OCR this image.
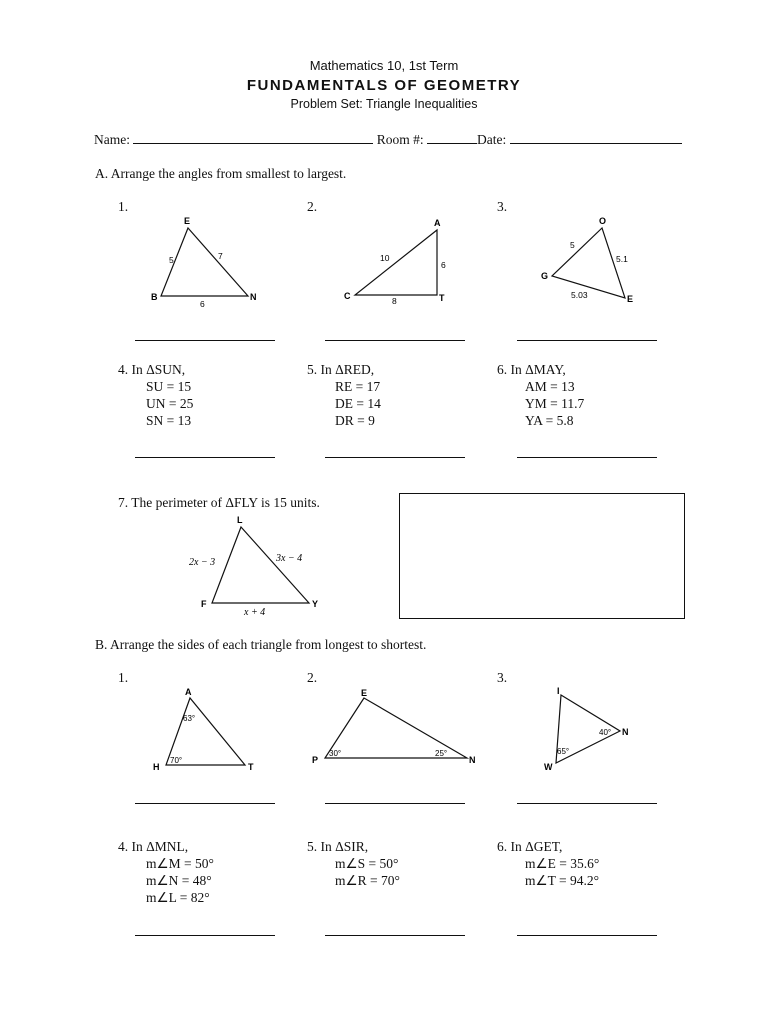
Mathematics 10, 1st Term
FUNDAMENTALS OF GEOMETRY
Problem Set: Triangle Inequalities
Name:	Room #:	Date:
A. Arrange the angles from smallest to largest.
1.	2.	3.
E
B	N
5	7
6
A
C	T
10
6
8
O
G
E
5
5.1
5.03
4. In ΔSUN,
SU = 15
UN = 25
SN = 13
5. In ΔRED,
RE = 17
DE = 14
DR = 9
6. In ΔMAY,
AM = 13
YM = 11.7
YA = 5.8
7. The perimeter of ΔFLY is 15 units.
L
F	Y
2x − 3	3x − 4
x + 4
B. Arrange the sides of each triangle from longest to shortest.
1.	2.	3.
A
H	T
63°
70°
E
P	N
30°	25°
I
N
W
40°
65°
4. In ΔMNL,
m∠M = 50°
m∠N = 48°
m∠L = 82°
5. In ΔSIR,
m∠S = 50°
m∠R = 70°
6. In ΔGET,
m∠E = 35.6°
m∠T = 94.2°
